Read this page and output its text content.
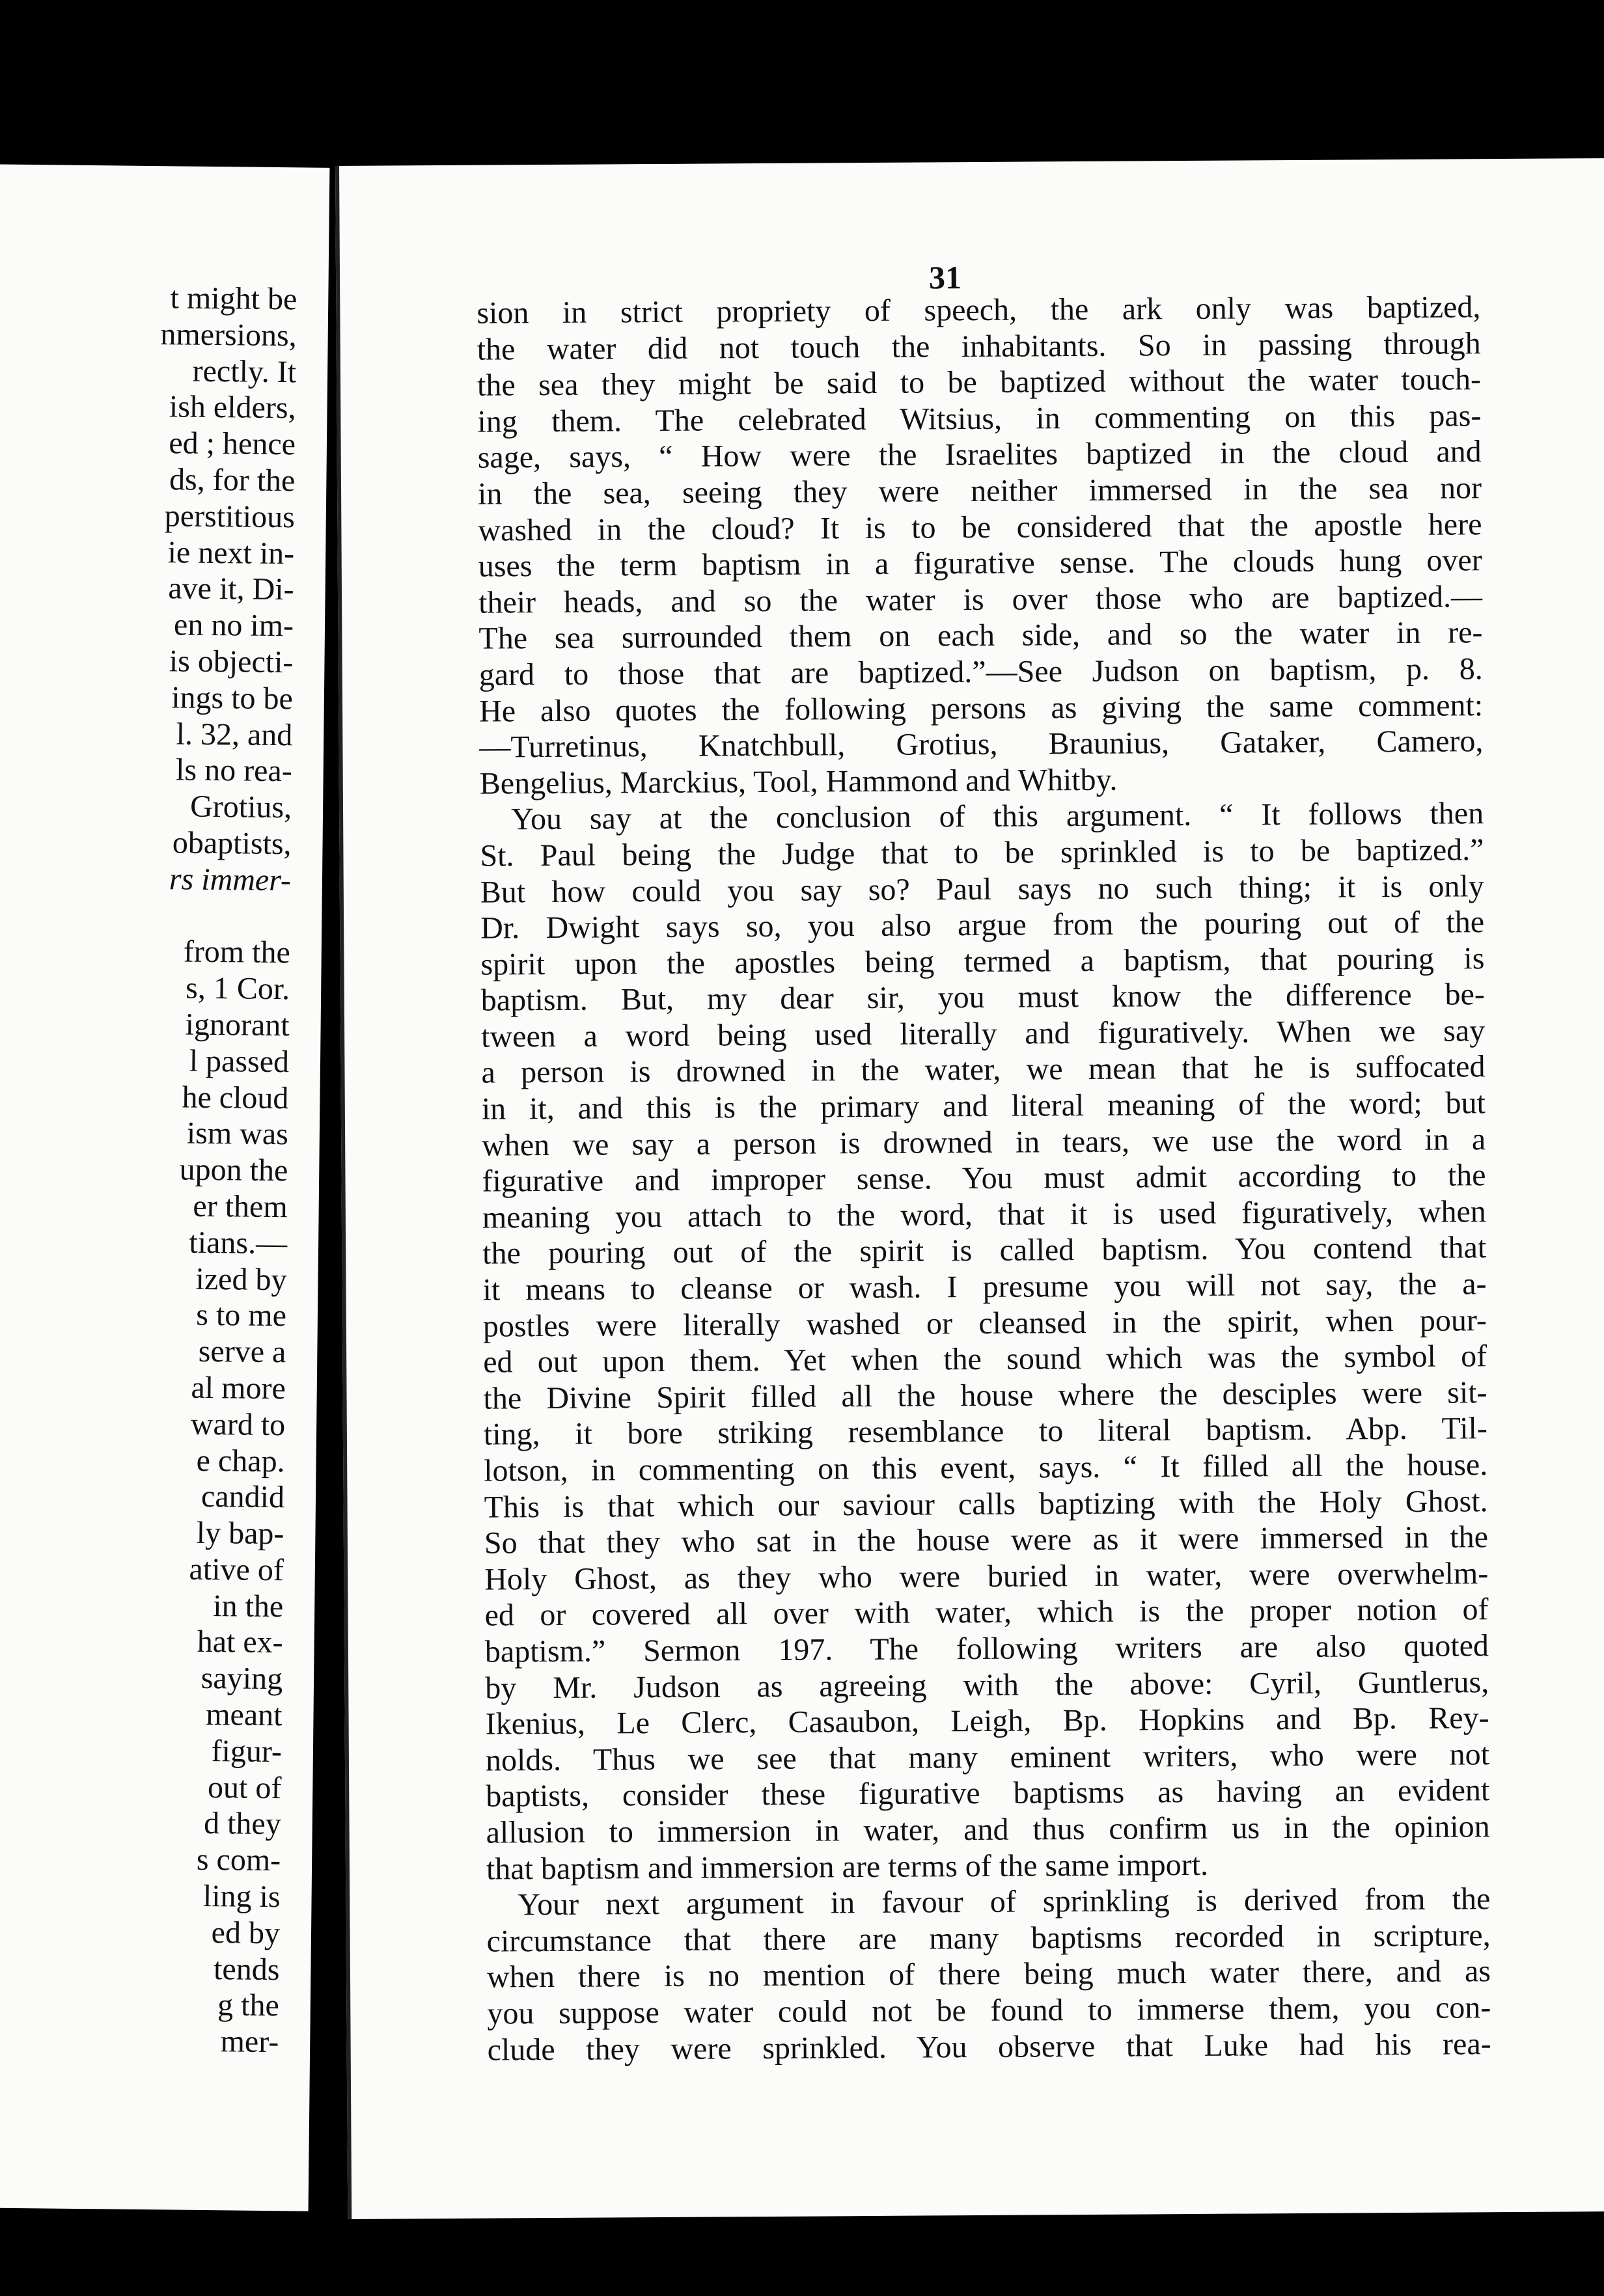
t might be
nmersions,
rectly. It
ish elders,
ed ; hence
ds, for the
perstitious
ie next in-
ave it, Di-
en no im-
is objecti-
ings to be
l. 32, and
ls no rea-
Grotius,
obaptists,
rs immer-
from the
s, 1 Cor.
ignorant
l passed
he cloud
ism was
upon the
er them
tians.—
ized by
s to me
serve a
al more
ward to
e chap.
candid
ly bap-
ative of
in the
hat ex-
saying
meant
figur-
out of
d they
s com-
ling is
ed by
tends
g the
mer-
31
sion in strict propriety of speech, the ark only was baptized,
the water did not touch the inhabitants. So in passing through
the sea they might be said to be baptized without the water touch-
ing them. The celebrated Witsius, in commenting on this pas-
sage, says, “ How were the Israelites baptized in the cloud and
in the sea, seeing they were neither immersed in the sea nor
washed in the cloud? It is to be considered that the apostle here
uses the term baptism in a figurative sense. The clouds hung over
their heads, and so the water is over those who are baptized.—
The sea surrounded them on each side, and so the water in re-
gard to those that are baptized.”—See Judson on baptism, p. 8.
He also quotes the following persons as giving the same comment:
—Turretinus, Knatchbull, Grotius, Braunius, Gataker, Camero,
Bengelius, Marckius, Tool, Hammond and Whitby.
You say at the conclusion of this argument. “ It follows then
St. Paul being the Judge that to be sprinkled is to be baptized.”
But how could you say so? Paul says no such thing; it is only
Dr. Dwight says so, you also argue from the pouring out of the
spirit upon the apostles being termed a baptism, that pouring is
baptism. But, my dear sir, you must know the difference be-
tween a word being used literally and figuratively. When we say
a person is drowned in the water, we mean that he is suffocated
in it, and this is the primary and literal meaning of the word; but
when we say a person is drowned in tears, we use the word in a
figurative and improper sense. You must admit according to the
meaning you attach to the word, that it is used figuratively, when
the pouring out of the spirit is called baptism. You contend that
it means to cleanse or wash. I presume you will not say, the a-
postles were literally washed or cleansed in the spirit, when pour-
ed out upon them. Yet when the sound which was the symbol of
the Divine Spirit filled all the house where the desciples were sit-
ting, it bore striking resemblance to literal baptism. Abp. Til-
lotson, in commenting on this event, says. “ It filled all the house.
This is that which our saviour calls baptizing with the Holy Ghost.
So that they who sat in the house were as it were immersed in the
Holy Ghost, as they who were buried in water, were overwhelm-
ed or covered all over with water, which is the proper notion of
baptism.” Sermon 197. The following writers are also quoted
by Mr. Judson as agreeing with the above: Cyril, Guntlerus,
Ikenius, Le Clerc, Casaubon, Leigh, Bp. Hopkins and Bp. Rey-
nolds. Thus we see that many eminent writers, who were not
baptists, consider these figurative baptisms as having an evident
allusion to immersion in water, and thus confirm us in the opinion
that baptism and immersion are terms of the same import.
Your next argument in favour of sprinkling is derived from the
circumstance that there are many baptisms recorded in scripture,
when there is no mention of there being much water there, and as
you suppose water could not be found to immerse them, you con-
clude they were sprinkled. You observe that Luke had his rea-
